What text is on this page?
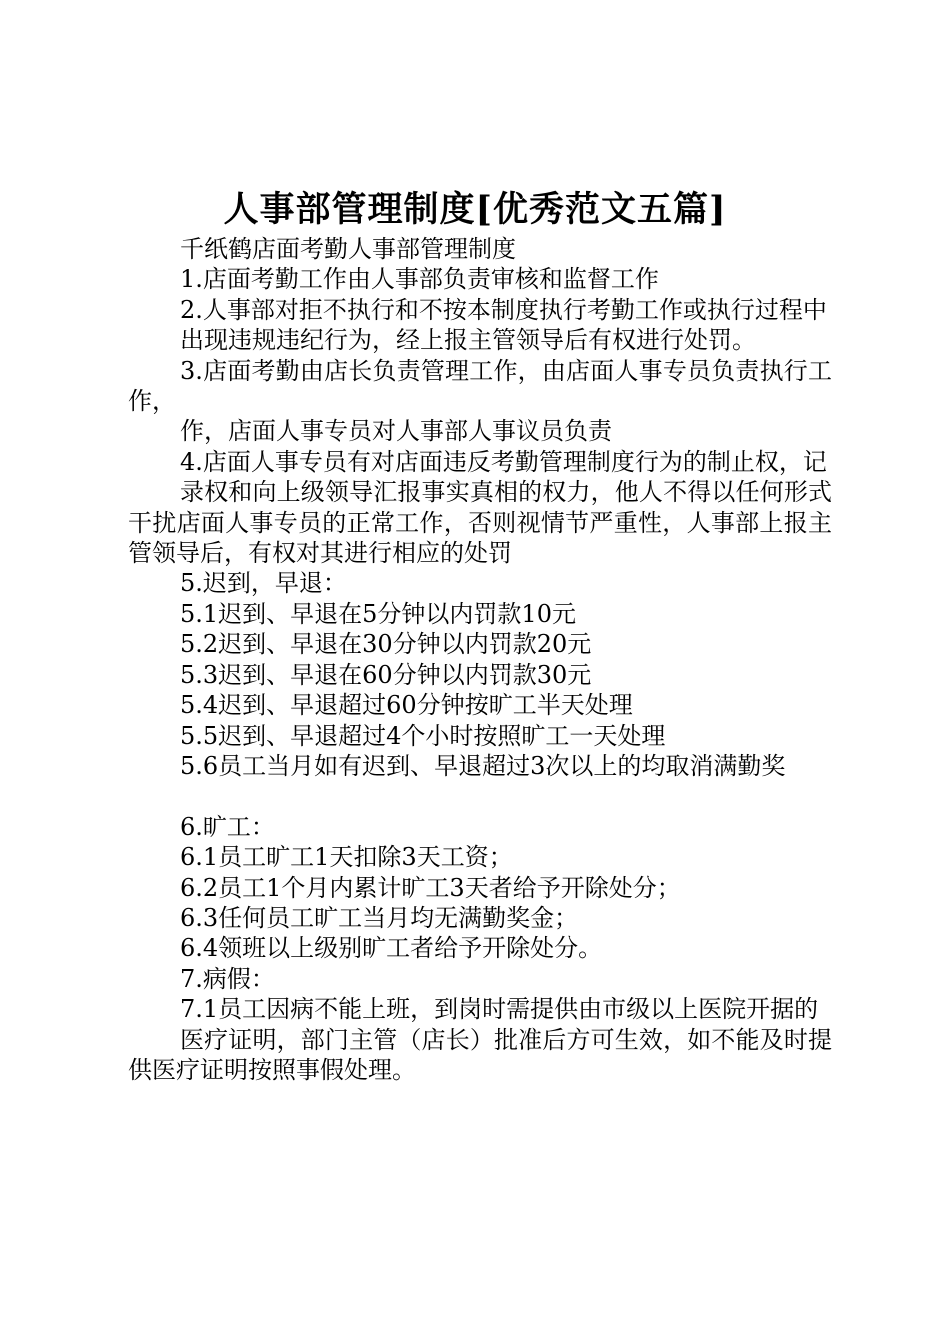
人事部管理制度[优秀范文五篇]

千纸鹤店面考勤人事部管理制度

1.店面考勤工作由人事部负责审核和监督工作

2.人事部对拒不执行和不按本制度执行考勤工作或执行过程中

出现违规违纪行为，经上报主管领导后有权进行处罚。

3.店面考勤由店长负责管理工作，由店面人事专员负责执行工作，

作，店面人事专员对人事部人事议员负责

4.店面人事专员有对店面违反考勤管理制度行为的制止权，记

录权和向上级领导汇报事实真相的权力，他人不得以任何形式干扰店面人事专员的正常工作，否则视情节严重性，人事部上报主管领导后，有权对其进行相应的处罚

5.迟到，早退：

5.1迟到、早退在5分钟以内罚款10元

5.2迟到、早退在30分钟以内罚款20元

5.3迟到、早退在60分钟以内罚款30元

5.4迟到、早退超过60分钟按旷工半天处理

5.5迟到、早退超过4个小时按照旷工一天处理

5.6员工当月如有迟到、早退超过3次以上的均取消满勤奖

6.旷工：

6.1员工旷工1天扣除3天工资；

6.2员工1个月内累计旷工3天者给予开除处分；

6.3任何员工旷工当月均无满勤奖金；

6.4领班以上级别旷工者给予开除处分。

7.病假：

7.1员工因病不能上班，到岗时需提供由市级以上医院开据的

医疗证明，部门主管（店长）批准后方可生效，如不能及时提供医疗证明按照事假处理。
